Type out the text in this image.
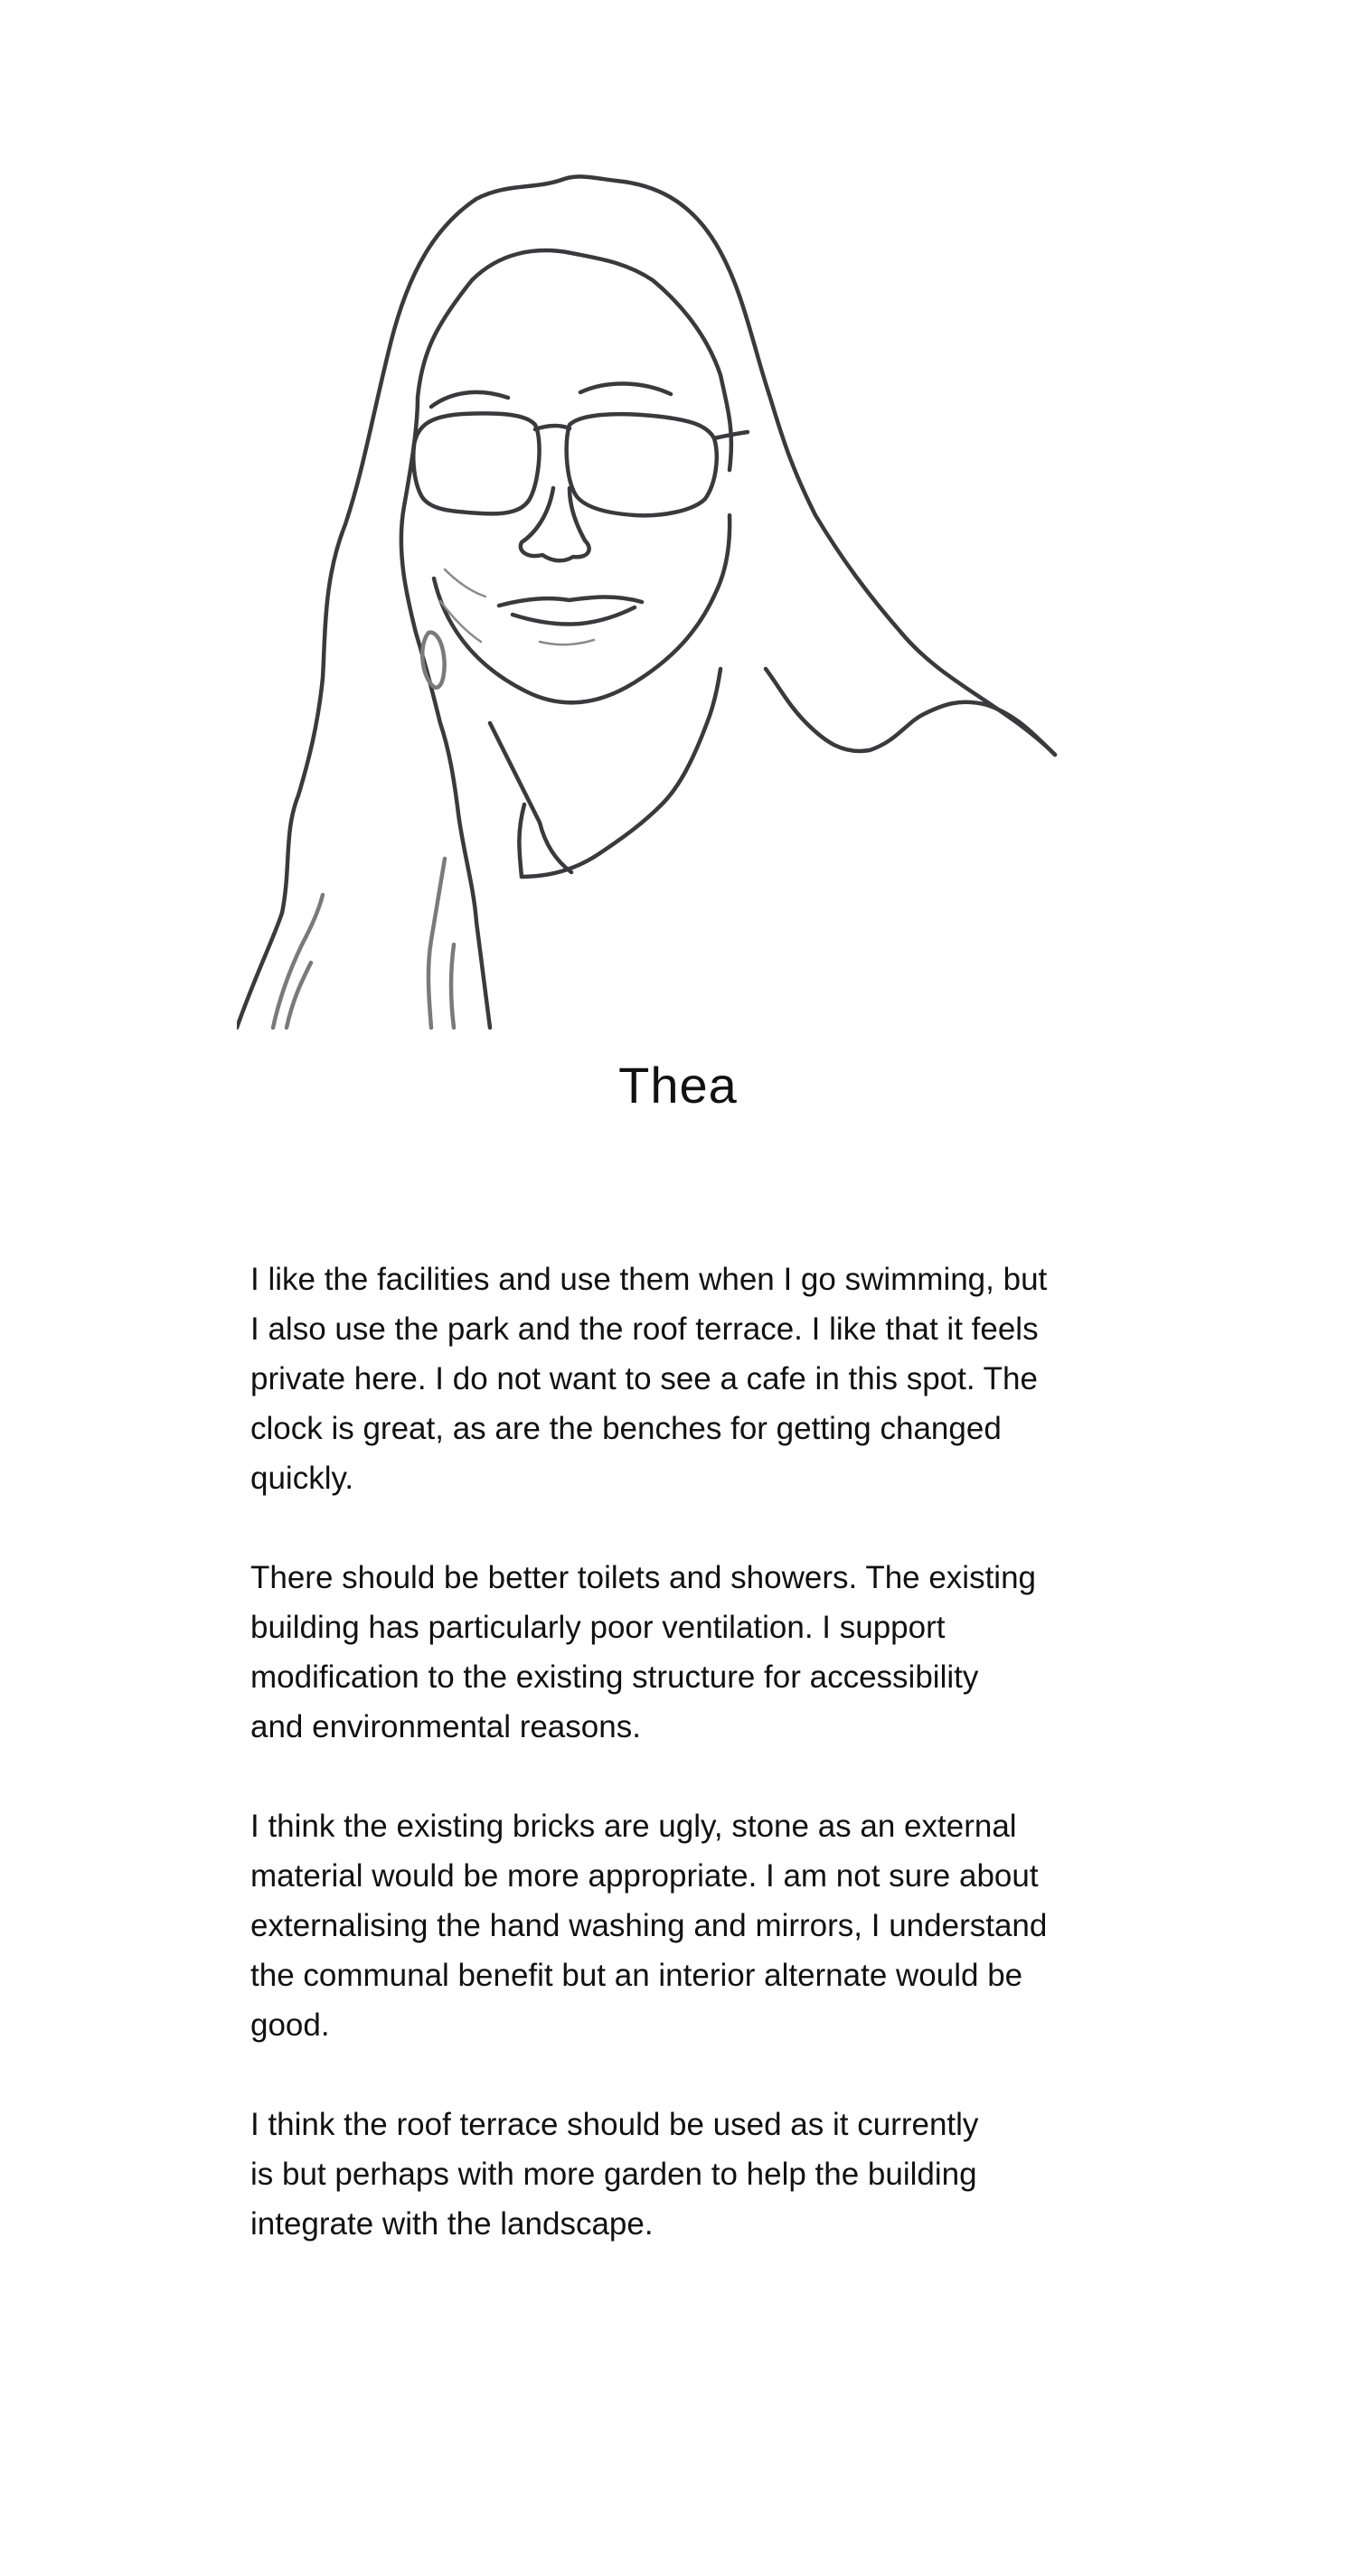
Thea

I like the facilities and use them when I go swimming, but
I also use the park and the roof terrace. I like that it feels
private here. I do not want to see a cafe in this spot. The
clock is great, as are the benches for getting changed
quickly.

There should be better toilets and showers. The existing
building has particularly poor ventilation. I support
modification to the existing structure for accessibility
and environmental reasons.

I think the existing bricks are ugly, stone as an external
material would be more appropriate. I am not sure about
externalising the hand washing and mirrors, I understand
the communal benefit but an interior alternate would be
good.

I think the roof terrace should be used as it currently
is but perhaps with more garden to help the building
integrate with the landscape.
